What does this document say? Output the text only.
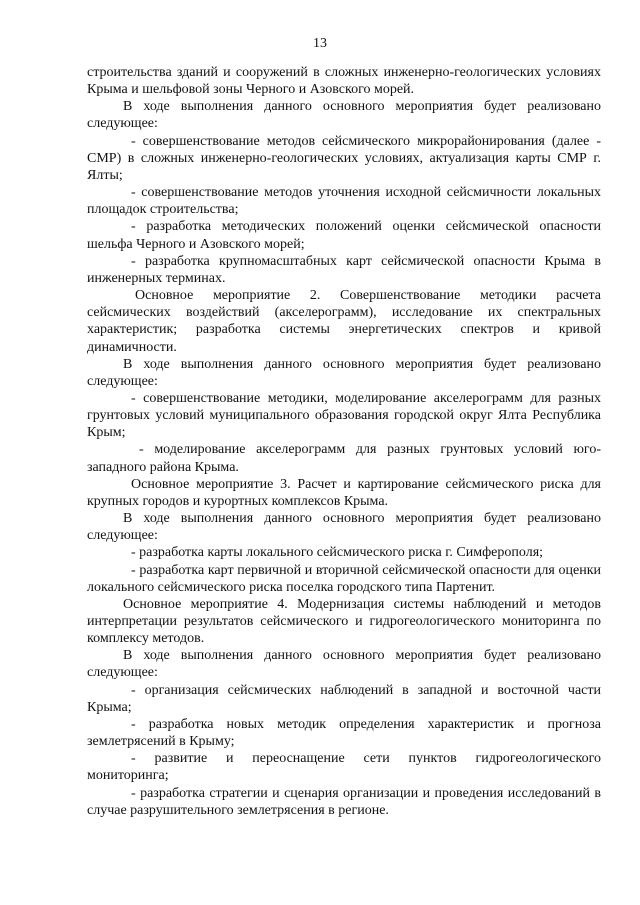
13

строительства зданий и сооружений в сложных инженерно-геологических условиях Крыма и шельфовой зоны Черного и Азовского морей.

В ходе выполнения данного основного мероприятия будет реализовано следующее:

- совершенствование методов сейсмического микрорайонирования (далее - СМР) в сложных инженерно-геологических условиях, актуализация карты СМР г. Ялты;

- совершенствование методов уточнения исходной сейсмичности локальных площадок строительства;

- разработка методических положений оценки сейсмической опасности шельфа Черного и Азовского морей;

- разработка крупномасштабных карт сейсмической опасности Крыма в инженерных терминах.

Основное мероприятие 2. Совершенствование методики расчета сейсмических воздействий (акселерограмм), исследование их спектральных характеристик; разработка системы энергетических спектров и кривой динамичности.

В ходе выполнения данного основного мероприятия будет реализовано следующее:

- совершенствование методики, моделирование акселерограмм для разных грунтовых условий муниципального образования городской округ Ялта Республика Крым;

- моделирование акселерограмм для разных грунтовых условий юго-западного района Крыма.

Основное мероприятие 3. Расчет и картирование сейсмического риска для крупных городов и курортных комплексов Крыма.

В ходе выполнения данного основного мероприятия будет реализовано следующее:

- разработка карты локального сейсмического риска г. Симферополя;

- разработка карт первичной и вторичной сейсмической опасности для оценки локального сейсмического риска поселка городского типа Партенит.

Основное мероприятие 4. Модернизация системы наблюдений и методов интерпретации результатов сейсмического и гидрогеологического мониторинга по комплексу методов.

В ходе выполнения данного основного мероприятия будет реализовано следующее:

- организация сейсмических наблюдений в западной и восточной части Крыма;

- разработка новых методик определения характеристик и прогноза землетрясений в Крыму;

- развитие и переоснащение сети пунктов гидрогеологического мониторинга;

- разработка стратегии и сценария организации и проведения исследований в случае разрушительного землетрясения в регионе.
